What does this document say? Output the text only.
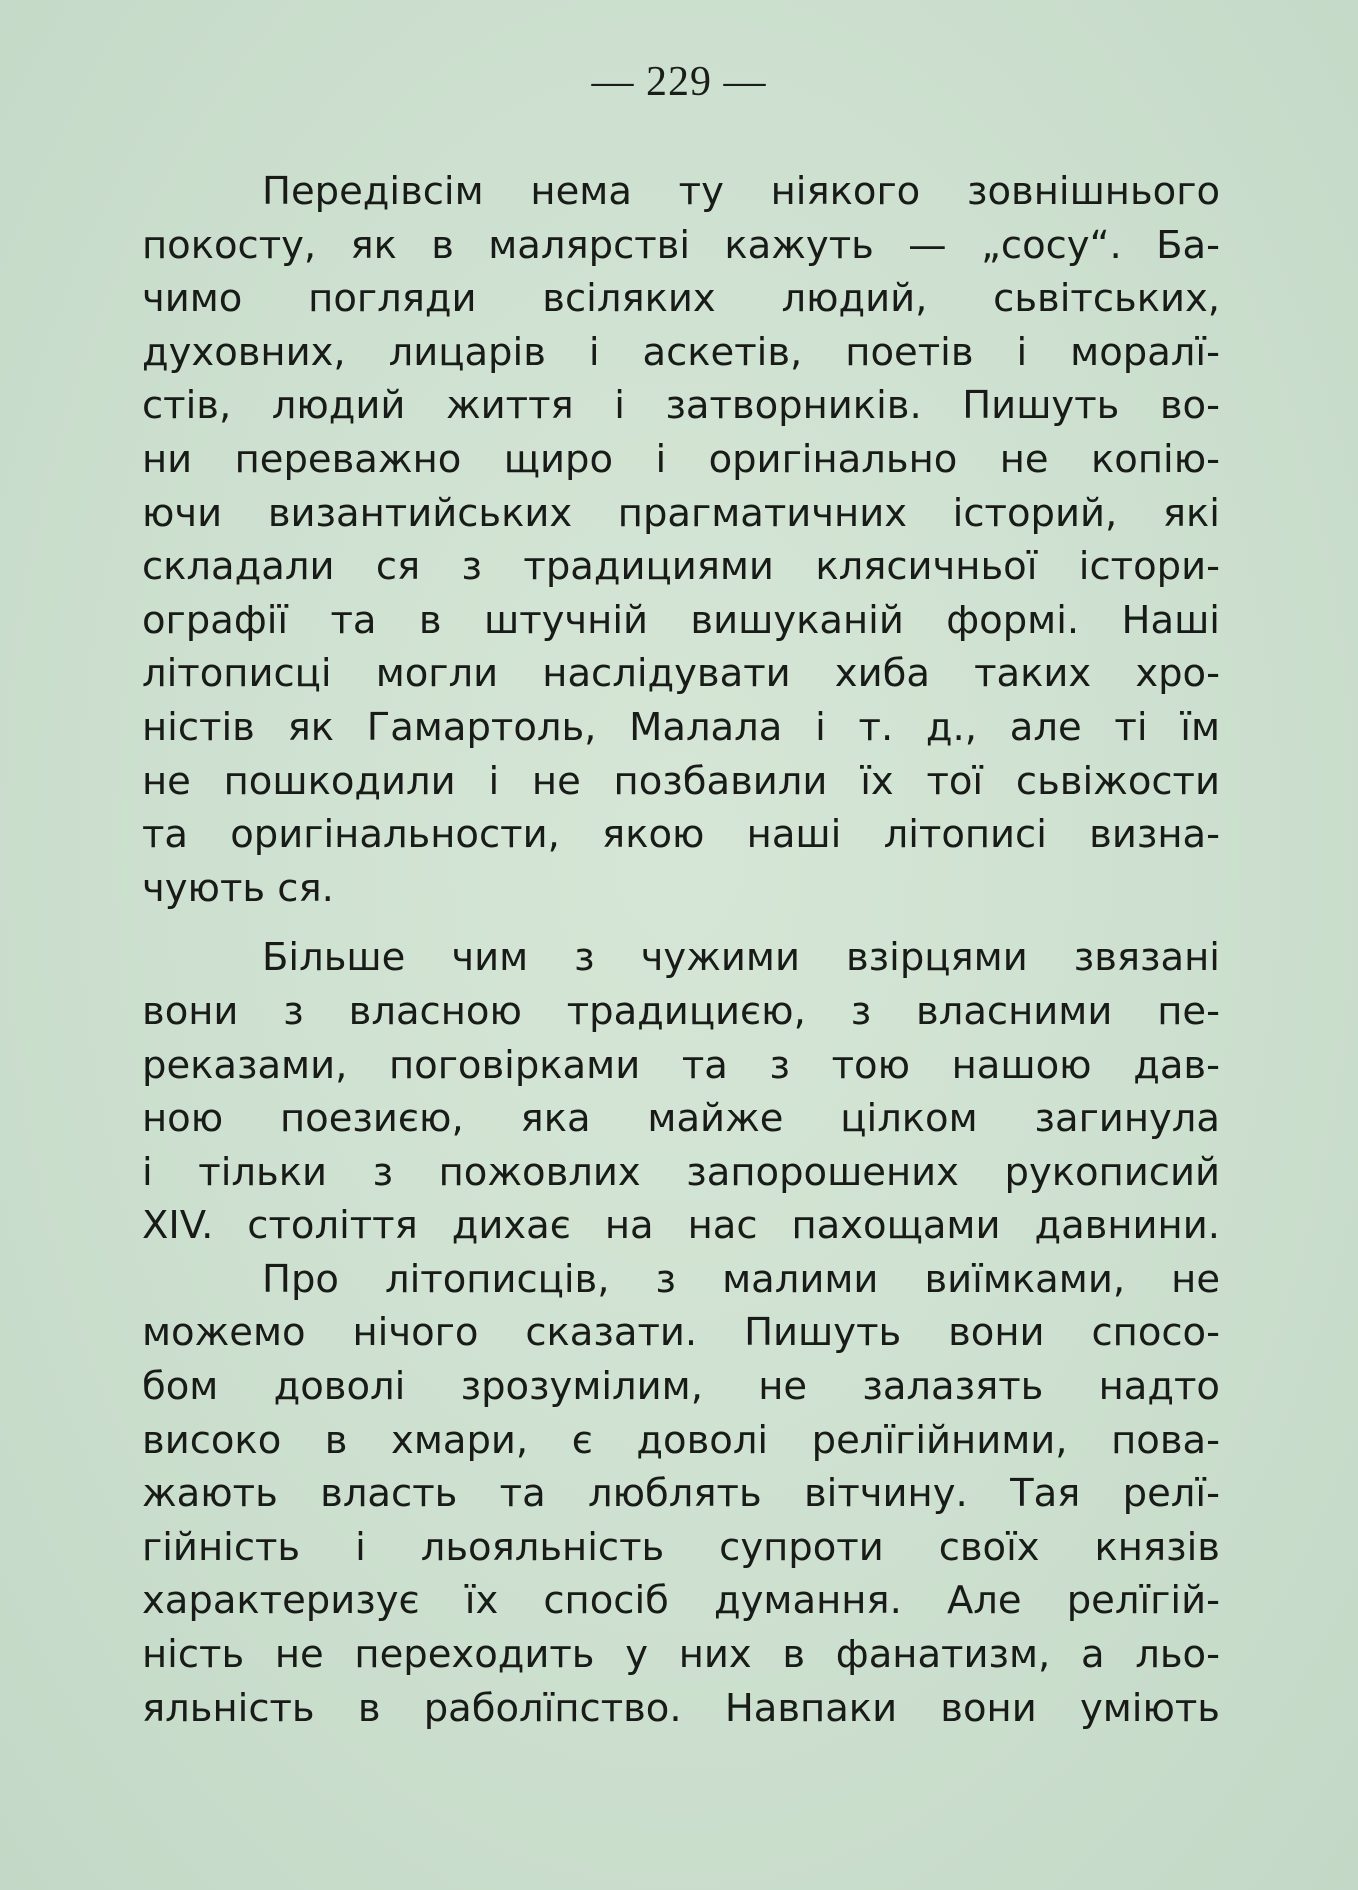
— 229 —
Передівсім нема ту ніякого зовнішнього
покосту, як в малярстві кажуть — „сосу“. Ба-
чимо погляди всіляких людий, сьвітських,
духовних, лицарів і аскетів, поетів і моралї-
стів, людий життя і затворників. Пишуть во-
ни переважно щиро і оригінально не копію-
ючи византийських прагматичних історий, які
складали ся з традициями клясичньої істори-
ографії та в штучній вишуканій формі. Наші
літописці могли наслідувати хиба таких хро-
ністів як Гамартоль, Малала і т. д., але ті їм
не пошкодили і не позбавили їх тої сьвіжости
та оригінальности, якою наші літописі визна-
чують ся.
Більше чим з чужими взірцями звязані
вони з власною традициєю, з власними пе-
реказами, поговірками та з тою нашою дав-
ною поезиєю, яка майже цілком загинула
і тільки з пожовлих запорошених рукописий
XIV. століття дихає на нас пахощами давнини.
Про літописців, з малими виїмками, не
можемо нічого сказати. Пишуть вони спосо-
бом доволі зрозумілим, не залазять надто
високо в хмари, є доволі релїгійними, пова-
жають власть та люблять вітчину. Тая релї-
гійність і льояльність супроти своїх князів
характеризує їх спосіб думання. Але релїгій-
ність не переходить у них в фанатизм, а льо-
яльність в раболїпство. Навпаки вони уміють
